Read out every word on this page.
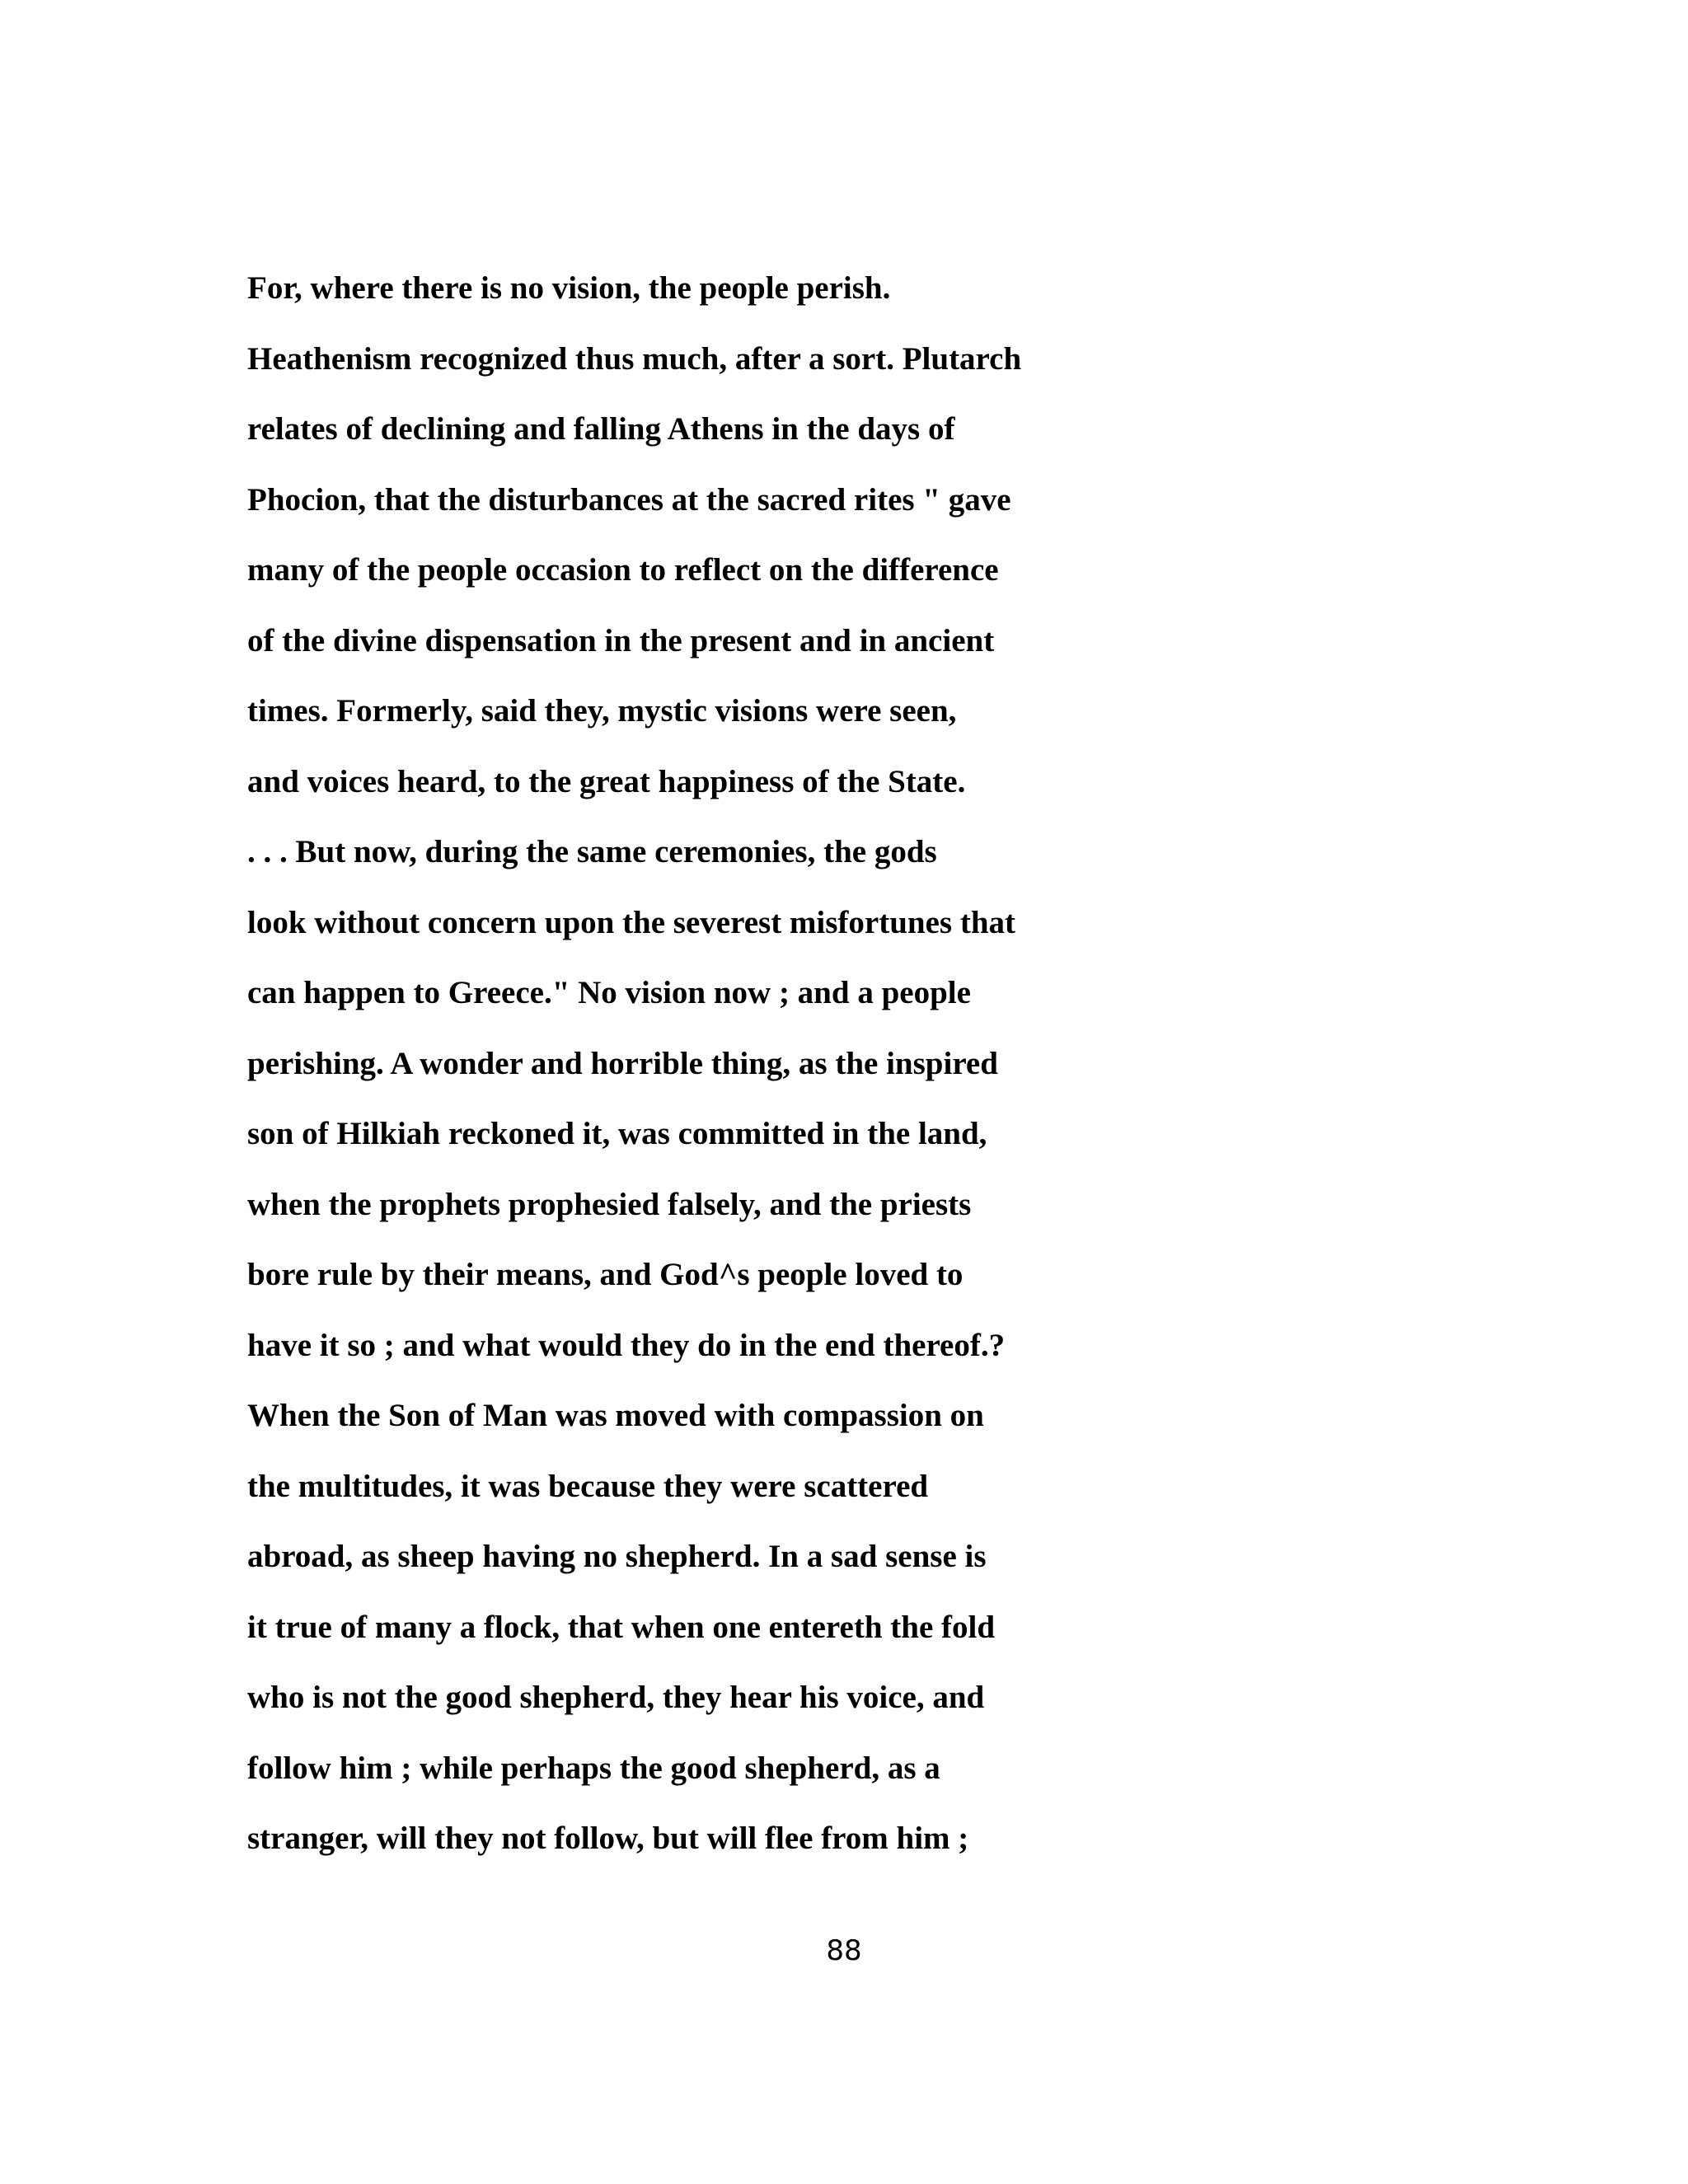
For, where there is no vision, the people perish.
Heathenism recognized thus much, after a sort. Plutarch
relates of declining and falling Athens in the days of
Phocion, that the disturbances at the sacred rites " gave
many of the people occasion to reflect on the difference
of the divine dispensation in the present and in ancient
times. Formerly, said they, mystic visions were seen,
and voices heard, to the great happiness of the State.
. . . But now, during the same ceremonies, the gods
look without concern upon the severest misfortunes that
can happen to Greece." No vision now ; and a people
perishing. A wonder and horrible thing, as the inspired
son of Hilkiah reckoned it, was committed in the land,
when the prophets prophesied falsely, and the priests
bore rule by their means, and God^s people loved to
have it so ; and what would they do in the end thereof.?
When the Son of Man was moved with compassion on
the multitudes, it was because they were scattered
abroad, as sheep having no shepherd. In a sad sense is
it true of many a flock, that when one entereth the fold
who is not the good shepherd, they hear his voice, and
follow him ; while perhaps the good shepherd, as a
stranger, will they not follow, but will flee from him ;
88
